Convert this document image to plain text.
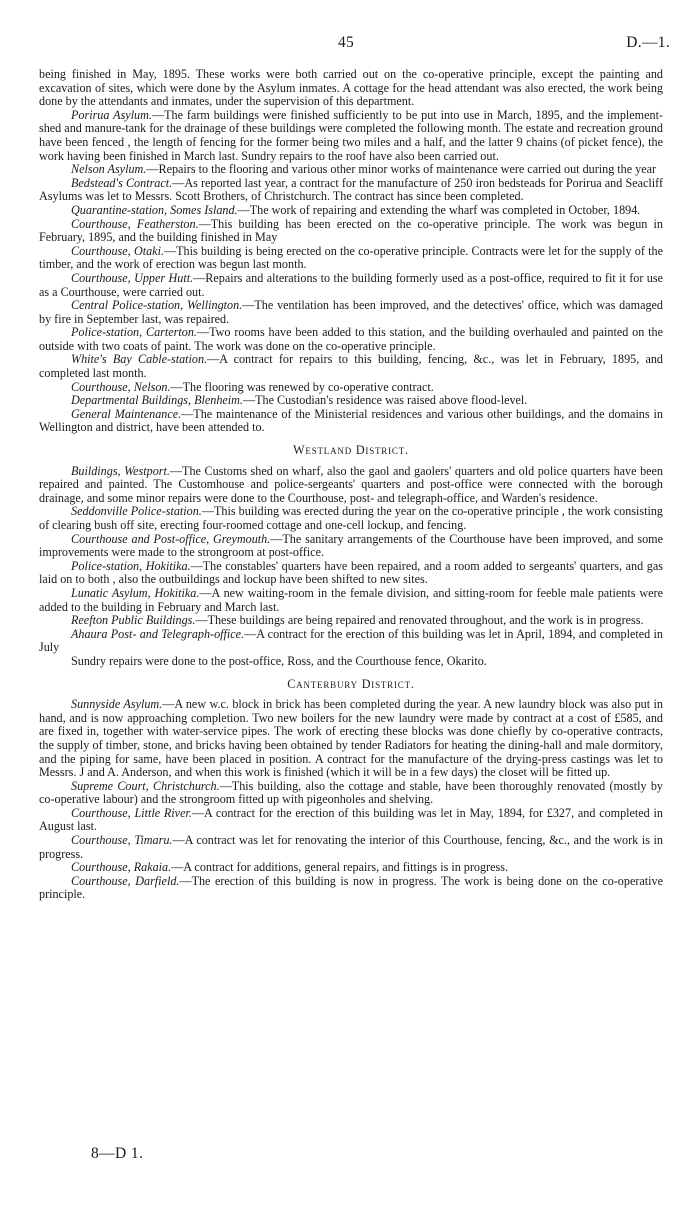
45	D.—1.

being finished in May, 1895. These works were both carried out on the co-operative principle, except the painting and excavation of sites, which were done by the Asylum inmates. A cottage for the head attendant was also erected, the work being done by the attendants and inmates, under the supervision of this department.

Porirua Asylum.—The farm buildings were finished sufficiently to be put into use in March, 1895, and the implement-shed and manure-tank for the drainage of these buildings were completed the following month. The estate and recreation ground have been fenced , the length of fencing for the former being two miles and a half, and the latter 9 chains (of picket fence), the work having been finished in March last. Sundry repairs to the roof have also been carried out.

Nelson Asylum.—Repairs to the flooring and various other minor works of maintenance were carried out during the year

Bedstead's Contract.—As reported last year, a contract for the manufacture of 250 iron bedsteads for Porirua and Seacliff Asylums was let to Messrs. Scott Brothers, of Christchurch. The contract has since been completed.

Quarantine-station, Somes Island.—The work of repairing and extending the wharf was completed in October, 1894.

Courthouse, Featherston.—This building has been erected on the co-operative principle. The work was begun in February, 1895, and the building finished in May

Courthouse, Otaki.—This building is being erected on the co-operative principle. Contracts were let for the supply of the timber, and the work of erection was begun last month.

Courthouse, Upper Hutt.—Repairs and alterations to the building formerly used as a post-office, required to fit it for use as a Courthouse, were carried out.

Central Police-station, Wellington.—The ventilation has been improved, and the detectives' office, which was damaged by fire in September last, was repaired.

Police-station, Carterton.—Two rooms have been added to this station, and the building overhauled and painted on the outside with two coats of paint. The work was done on the co-operative principle.

White's Bay Cable-station.—A contract for repairs to this building, fencing, &c., was let in February, 1895, and completed last month.

Courthouse, Nelson.—The flooring was renewed by co-operative contract.

Departmental Buildings, Blenheim.—The Custodian's residence was raised above flood-level.

General Maintenance.—The maintenance of the Ministerial residences and various other buildings, and the domains in Wellington and district, have been attended to.

Westland District.

Buildings, Westport.—The Customs shed on wharf, also the gaol and gaolers' quarters and old police quarters have been repaired and painted. The Customhouse and police-sergeants' quarters and post-office were connected with the borough drainage, and some minor repairs were done to the Courthouse, post- and telegraph-office, and Warden's residence.

Seddonville Police-station.—This building was erected during the year on the co-operative principle , the work consisting of clearing bush off site, erecting four-roomed cottage and one-cell lockup, and fencing.

Courthouse and Post-office, Greymouth.—The sanitary arrangements of the Courthouse have been improved, and some improvements were made to the strongroom at post-office.

Police-station, Hokitika.—The constables' quarters have been repaired, and a room added to sergeants' quarters, and gas laid on to both , also the outbuildings and lockup have been shifted to new sites.

Lunatic Asylum, Hokitika.—A new waiting-room in the female division, and sitting-room for feeble male patients were added to the building in February and March last.

Reefton Public Buildings.—These buildings are being repaired and renovated throughout, and the work is in progress.

Ahaura Post- and Telegraph-office.—A contract for the erection of this building was let in April, 1894, and completed in July

Sundry repairs were done to the post-office, Ross, and the Courthouse fence, Okarito.

Canterbury District.

Sunnyside Asylum.—A new w.c. block in brick has been completed during the year. A new laundry block was also put in hand, and is now approaching completion. Two new boilers for the new laundry were made by contract at a cost of £585, and are fixed in, together with water-service pipes. The work of erecting these blocks was done chiefly by co-operative contracts, the supply of timber, stone, and bricks having been obtained by tender Radiators for heating the dining-hall and male dormitory, and the piping for same, have been placed in position. A contract for the manufacture of the drying-press castings was let to Messrs. J and A. Anderson, and when this work is finished (which it will be in a few days) the closet will be fitted up.

Supreme Court, Christchurch.—This building, also the cottage and stable, have been thoroughly renovated (mostly by co-operative labour) and the strongroom fitted up with pigeonholes and shelving.

Courthouse, Little River.—A contract for the erection of this building was let in May, 1894, for £327, and completed in August last.

Courthouse, Timaru.—A contract was let for renovating the interior of this Courthouse, fencing, &c., and the work is in progress.

Courthouse, Rakaia.—A contract for additions, general repairs, and fittings is in progress.

Courthouse, Darfield.—The erection of this building is now in progress. The work is being done on the co-operative principle.

8—D 1.
